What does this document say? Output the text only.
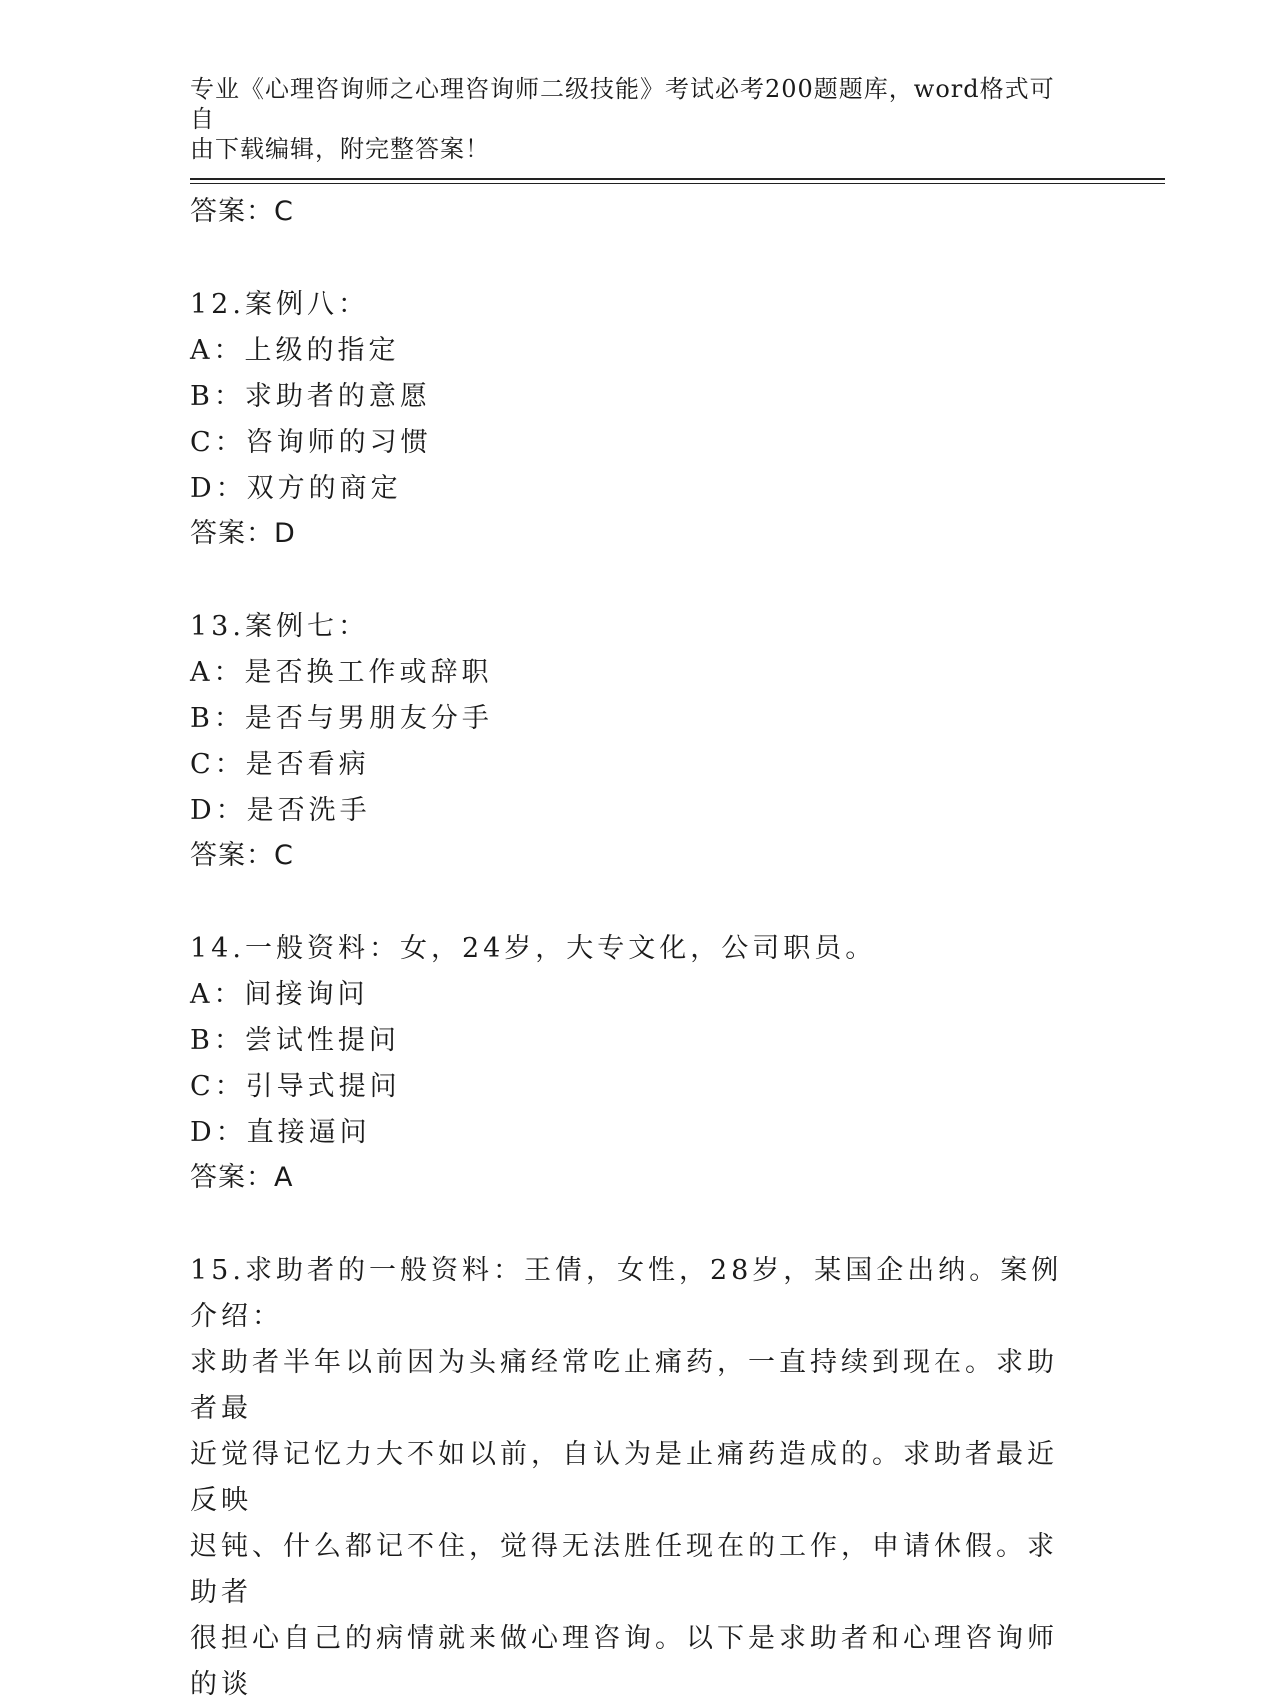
专业《心理咨询师之心理咨询师二级技能》考试必考200题题库，word格式可自
由下载编辑，附完整答案！
答案：C
12.案例八：
A：上级的指定
B：求助者的意愿
C：咨询师的习惯
D：双方的商定
答案：D
13.案例七：
A：是否换工作或辞职
B：是否与男朋友分手
C：是否看病
D：是否洗手
答案：C
14.一般资料：女，24岁，大专文化，公司职员。
A：间接询问
B：尝试性提问
C：引导式提问
D：直接逼问
答案：A
15.求助者的一般资料：王倩，女性，28岁，某国企出纳。案例介绍：
求助者半年以前因为头痛经常吃止痛药，一直持续到现在。求助者最
近觉得记忆力大不如以前，自认为是止痛药造成的。求助者最近反映
迟钝、什么都记不住，觉得无法胜任现在的工作，申请休假。求助者
很担心自己的病情就来做心理咨询。以下是求助者和心理咨询师的谈
